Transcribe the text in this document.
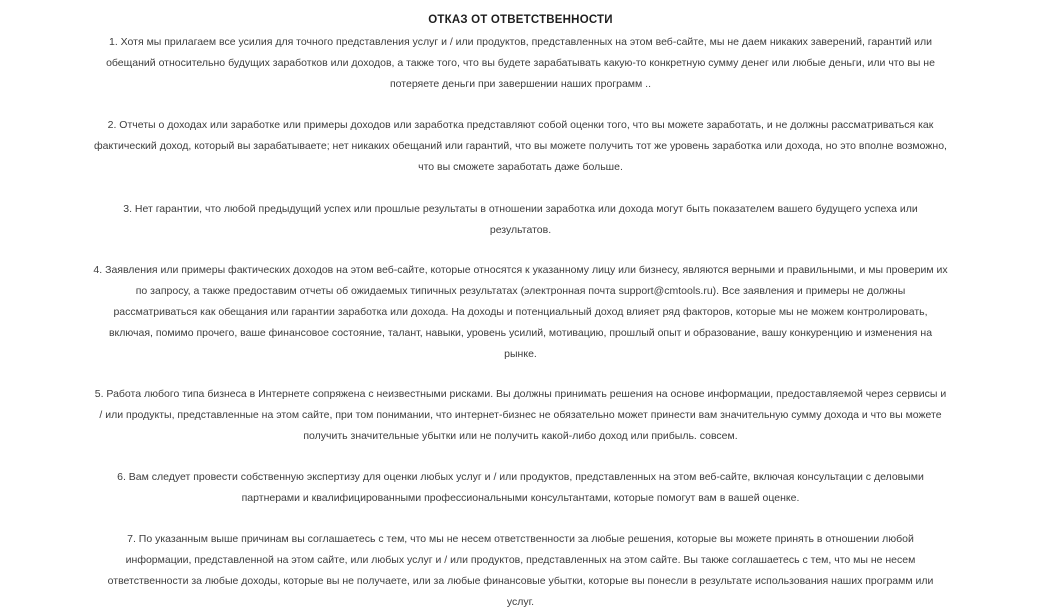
ОТКАЗ ОТ ОТВЕТСТВЕННОСТИ

1. Хотя мы прилагаем все усилия для точного представления услуг и / или продуктов, представленных на этом веб-сайте, мы не даем никаких заверений, гарантий или
обещаний относительно будущих заработков или доходов, а также того, что вы будете зарабатывать какую-то конкретную сумму денег или любые деньги, или что вы не
потеряете деньги при завершении наших программ ..

2. Отчеты о доходах или заработке или примеры доходов или заработка представляют собой оценки того, что вы можете заработать, и не должны рассматриваться как
фактический доход, который вы зарабатываете; нет никаких обещаний или гарантий, что вы можете получить тот же уровень заработка или дохода, но это вполне возможно,
что вы сможете заработать даже больше.

3. Нет гарантии, что любой предыдущий успех или прошлые результаты в отношении заработка или дохода могут быть показателем вашего будущего успеха или
результатов.

4. Заявления или примеры фактических доходов на этом веб-сайте, которые относятся к указанному лицу или бизнесу, являются верными и правильными, и мы проверим их
по запросу, а также предоставим отчеты об ожидаемых типичных результатах (электронная почта support@cmtools.ru). Все заявления и примеры не должны
рассматриваться как обещания или гарантии заработка или дохода. На доходы и потенциальный доход влияет ряд факторов, которые мы не можем контролировать,
включая, помимо прочего, ваше финансовое состояние, талант, навыки, уровень усилий, мотивацию, прошлый опыт и образование, вашу конкуренцию и изменения на
рынке.

5. Работа любого типа бизнеса в Интернете сопряжена с неизвестными рисками. Вы должны принимать решения на основе информации, предоставляемой через сервисы и
/ или продукты, представленные на этом сайте, при том понимании, что интернет-бизнес не обязательно может принести вам значительную сумму дохода и что вы можете
получить значительные убытки или не получить какой-либо доход или прибыль. совсем.

6. Вам следует провести собственную экспертизу для оценки любых услуг и / или продуктов, представленных на этом веб-сайте, включая консультации с деловыми
партнерами и квалифицированными профессиональными консультантами, которые помогут вам в вашей оценке.

7. По указанным выше причинам вы соглашаетесь с тем, что мы не несем ответственности за любые решения, которые вы можете принять в отношении любой
информации, представленной на этом сайте, или любых услуг и / или продуктов, представленных на этом сайте. Вы также соглашаетесь с тем, что мы не несем
ответственности за любые доходы, которые вы не получаете, или за любые финансовые убытки, которые вы понесли в результате использования наших программ или
услуг.
